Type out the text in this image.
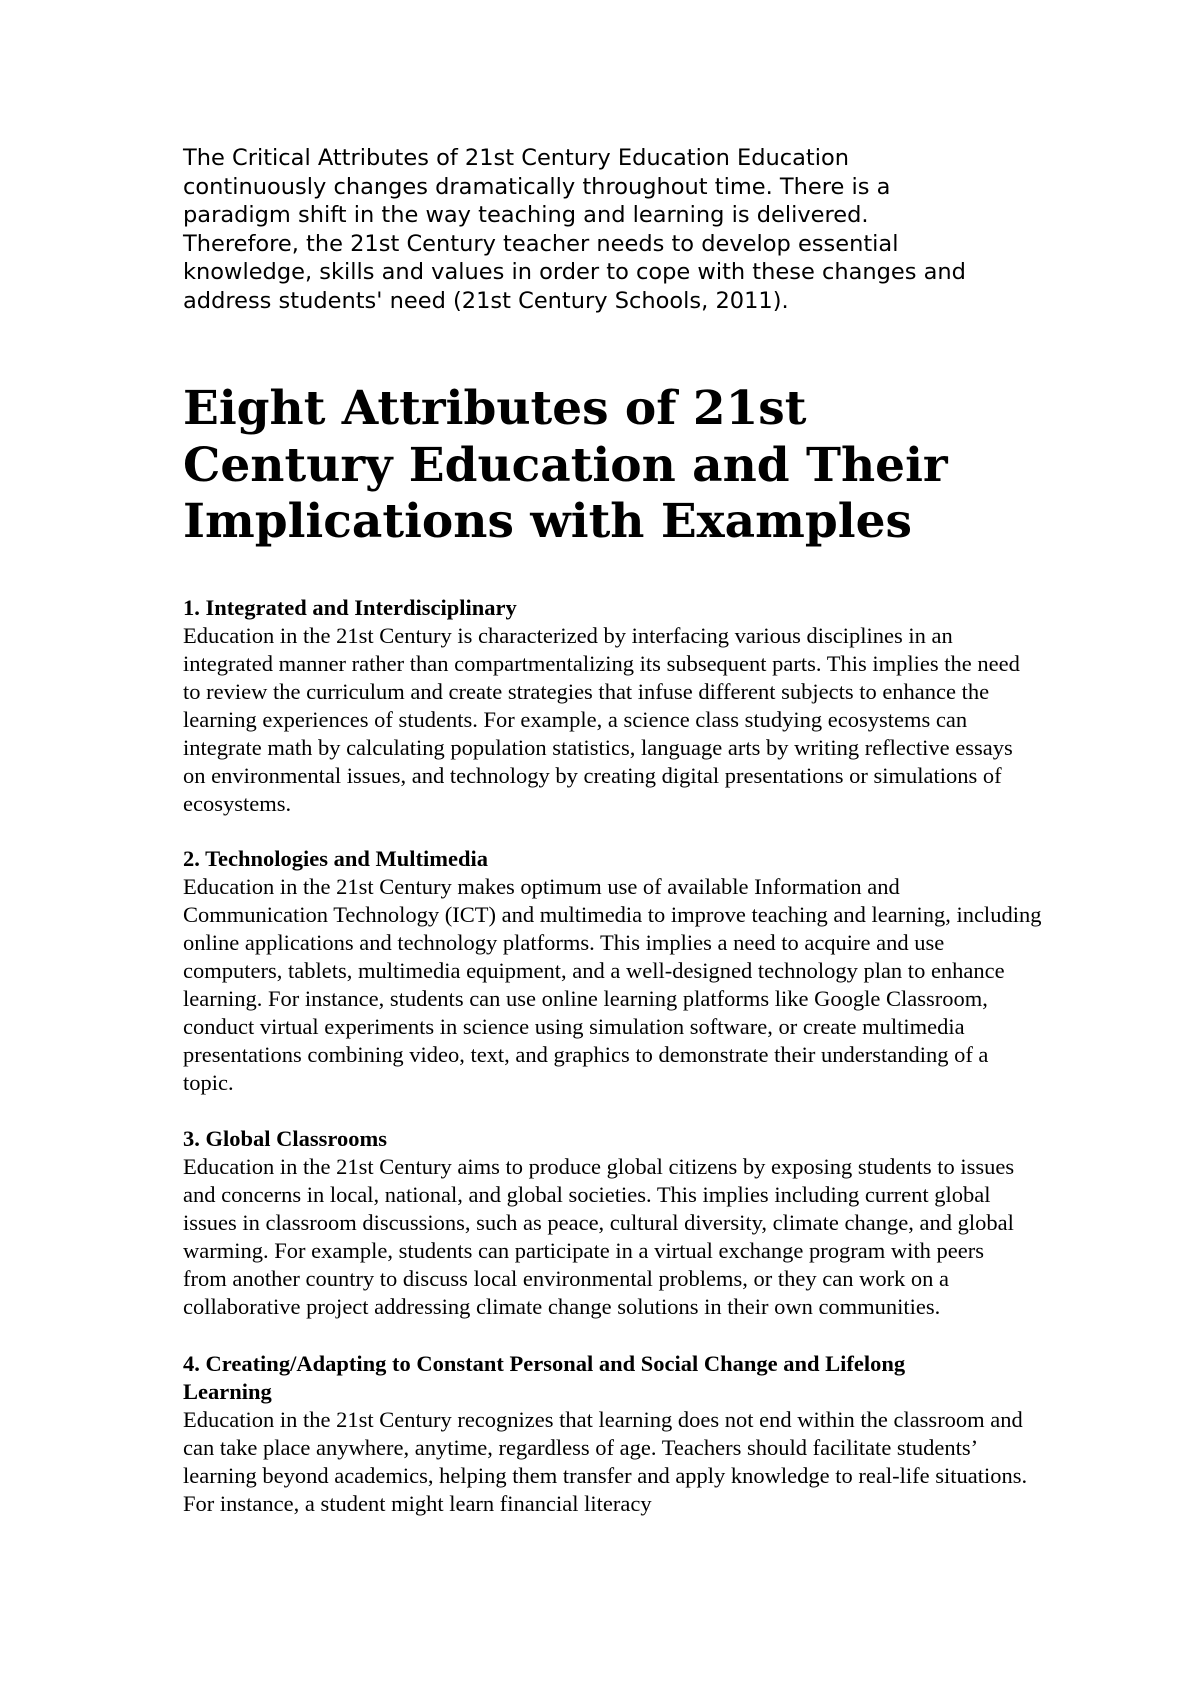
The Critical Attributes of 21st Century Education Education continuously changes dramatically throughout time. There is a paradigm shift in the way teaching and learning is delivered. Therefore, the 21st Century teacher needs to develop essential knowledge, skills and values in order to cope with these changes and address students' need (21st Century Schools, 2011).

Eight Attributes of 21st Century Education and Their Implications with Examples
1. Integrated and Interdisciplinary
Education in the 21st Century is characterized by interfacing various disciplines in an integrated manner rather than compartmentalizing its subsequent parts. This implies the need to review the curriculum and create strategies that infuse different subjects to enhance the learning experiences of students. For example, a science class studying ecosystems can integrate math by calculating population statistics, language arts by writing reflective essays on environmental issues, and technology by creating digital presentations or simulations of ecosystems.
2. Technologies and Multimedia
Education in the 21st Century makes optimum use of available Information and Communication Technology (ICT) and multimedia to improve teaching and learning, including online applications and technology platforms. This implies a need to acquire and use computers, tablets, multimedia equipment, and a well-designed technology plan to enhance learning. For instance, students can use online learning platforms like Google Classroom, conduct virtual experiments in science using simulation software, or create multimedia presentations combining video, text, and graphics to demonstrate their understanding of a topic.
3. Global Classrooms
Education in the 21st Century aims to produce global citizens by exposing students to issues and concerns in local, national, and global societies. This implies including current global issues in classroom discussions, such as peace, cultural diversity, climate change, and global warming. For example, students can participate in a virtual exchange program with peers from another country to discuss local environmental problems, or they can work on a collaborative project addressing climate change solutions in their own communities.
4. Creating/Adapting to Constant Personal and Social Change and Lifelong Learning
Education in the 21st Century recognizes that learning does not end within the classroom and can take place anywhere, anytime, regardless of age. Teachers should facilitate students’ learning beyond academics, helping them transfer and apply knowledge to real-life situations. For instance, a student might learn financial literacy
